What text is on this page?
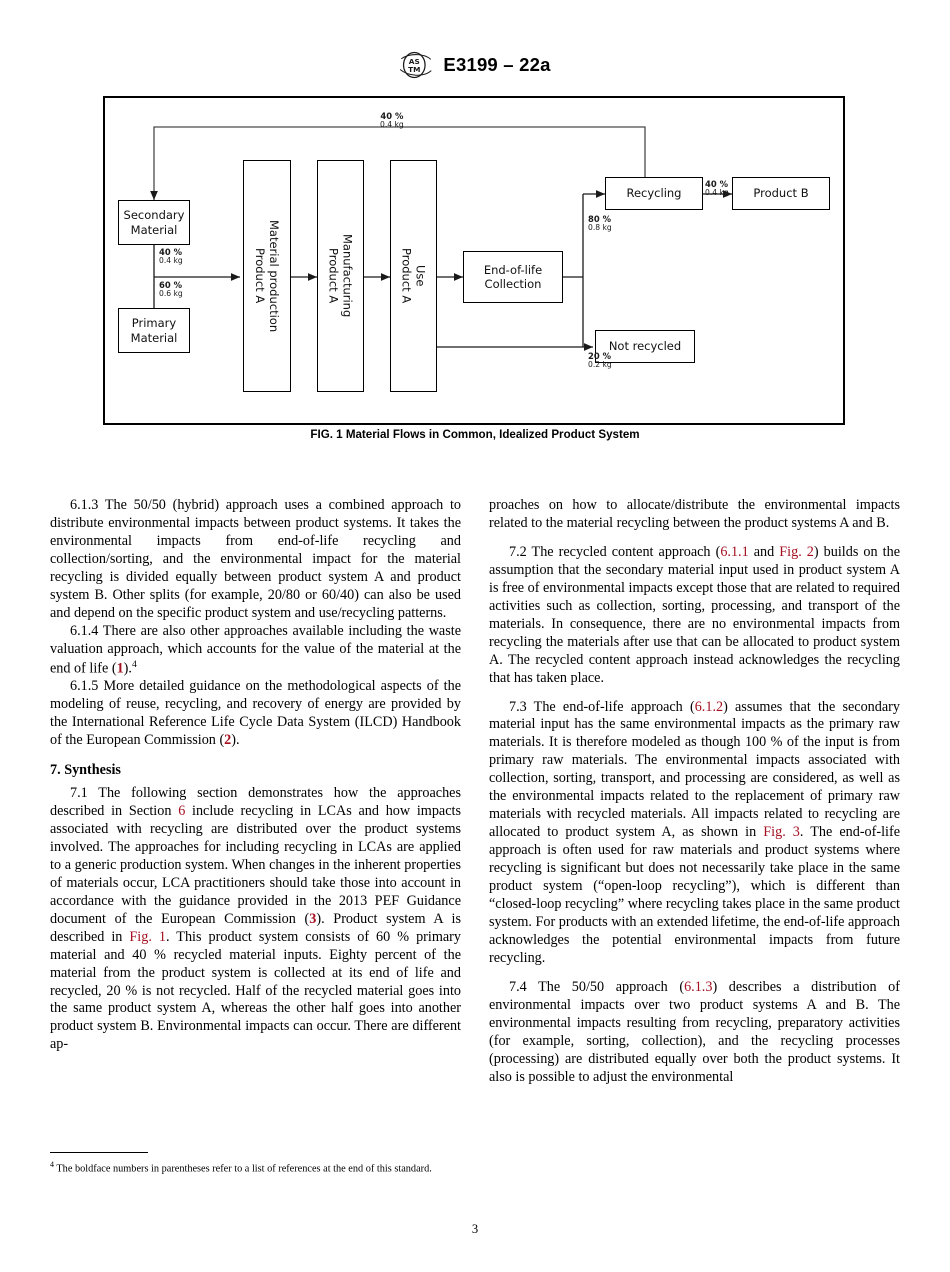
AS
TM E3199 – 22a
Secondary
Material
Primary
Material
Material production
Product A	Manufacturing
Product A	Use
Product A	End-of-life
Collection
Recycling	Product B
Not recycled
40 %
0.4 kg
40 %
0.4 kg
60 %
0.6 kg
80 %
0.8 kg
40 %
0.4 kg
20 %
0.2 kg
FIG. 1 Material Flows in Common, Idealized Product System

6.1.3 The 50/50 (hybrid) approach uses a combined approach to distribute environmental impacts between product systems. It takes the environmental impacts from end-of-life recycling and collection/sorting, and the environmental impact for the material recycling is divided equally between product system A and product system B. Other splits (for example, 20/80 or 60/40) can also be used and depend on the specific product system and use/recycling patterns.

6.1.4 There are also other approaches available including the waste valuation approach, which accounts for the value of the material at the end of life (1).$^4$

6.1.5 More detailed guidance on the methodological aspects of the modeling of reuse, recycling, and recovery of energy are provided by the International Reference Life Cycle Data System (ILCD) Handbook of the European Commission (2).

7. Synthesis

7.1 The following section demonstrates how the approaches described in Section 6 include recycling in LCAs and how impacts associated with recycling are distributed over the product systems involved. The approaches for including recycling in LCAs are applied to a generic production system. When changes in the inherent properties of materials occur, LCA practitioners should take those into account in accordance with the guidance provided in the 2013 PEF Guidance document of the European Commission (3). Product system A is described in Fig. 1. This product system consists of 60 % primary material and 40 % recycled material inputs. Eighty percent of the material from the product system is collected at its end of life and recycled, 20 % is not recycled. Half of the recycled material goes into the same product system A, whereas the other half goes into another product system B. Environmental impacts can occur. There are different ap-

proaches on how to allocate/distribute the environmental impacts related to the material recycling between the product systems A and B.

7.2 The recycled content approach (6.1.1 and Fig. 2) builds on the assumption that the secondary material input used in product system A is free of environmental impacts except those that are related to required activities such as collection, sorting, processing, and transport of the materials. In consequence, there are no environmental impacts from recycling the materials after use that can be allocated to product system A. The recycled content approach instead acknowledges the recycling that has taken place.

7.3 The end-of-life approach (6.1.2) assumes that the secondary material input has the same environmental impacts as the primary raw materials. It is therefore modeled as though 100 % of the input is from primary raw materials. The environmental impacts associated with collection, sorting, transport, and processing are considered, as well as the environmental impacts related to the replacement of primary raw materials with recycled materials. All impacts related to recycling are allocated to product system A, as shown in Fig. 3. The end-of-life approach is often used for raw materials and product systems where recycling is significant but does not necessarily take place in the same product system (“open-loop recycling”), which is different than “closed-loop recycling” where recycling takes place in the same product system. For products with an extended lifetime, the end-of-life approach acknowledges the potential environmental impacts from future recycling.

7.4 The 50/50 approach (6.1.3) describes a distribution of environmental impacts over two product systems A and B. The environmental impacts resulting from recycling, preparatory activities (for example, sorting, collection), and the recycling processes (processing) are distributed equally over both the product systems. It also is possible to adjust the environmental

$^4$ The boldface numbers in parentheses refer to a list of references at the end of this standard.
3
